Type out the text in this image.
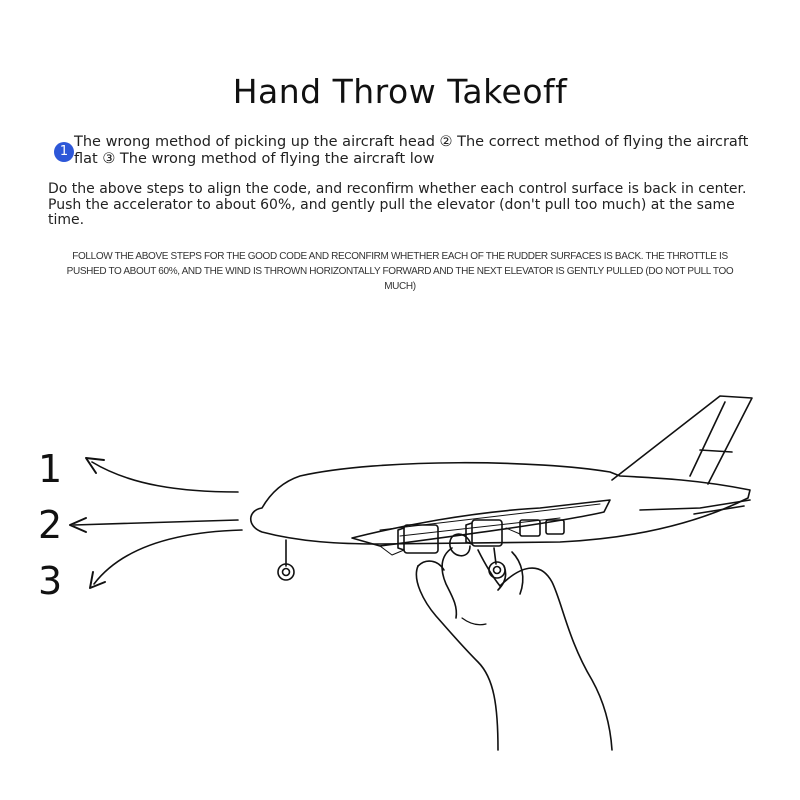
Hand Throw Takeoff
1
The wrong method of picking up the aircraft head ② The correct method of flying the aircraft flat ③ The wrong method of flying the aircraft low
Do the above steps to align the code, and reconfirm whether each control surface is back in center. Push the accelerator to about 60%, and gently pull the elevator (don't pull too much) at the same time.
FOLLOW THE ABOVE STEPS FOR THE GOOD CODE AND RECONFIRM WHETHER EACH OF THE RUDDER SURFACES IS BACK. THE THROTTLE IS PUSHED TO ABOUT 60%, AND THE WIND IS THROWN HORIZONTALLY FORWARD AND THE NEXT ELEVATOR IS GENTLY PULLED (DO NOT PULL TOO MUCH)
1
2
3
